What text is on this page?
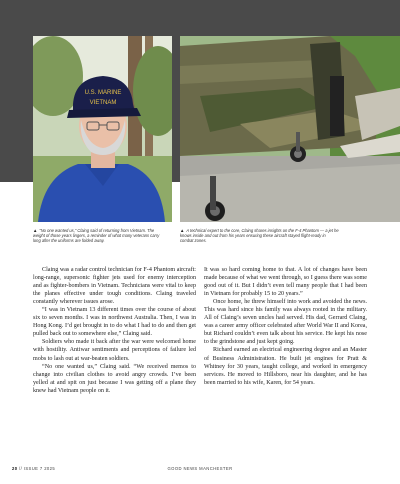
U.S. MARINE
VIETNAM
▲ “No one wanted us,” Claing said of returning from Vietnam. The weight of those years lingers, a reminder of what many veterans carry long after the uniforms are folded away.
▲ A technical expert to the core, Claing shares insights on the F-4 Phantom — a jet he knows inside and out from his years ensuring these aircraft stayed flight-ready in combat zones.

Claing was a radar control technician for F-4 Phantom aircraft: long-range, supersonic fighter jets used for enemy interception and as fighter-bombers in Vietnam. Technicians were vital to keep the planes effective under tough conditions. Claing traveled constantly wherever issues arose.

“I was in Vietnam 13 different times over the course of about six to seven months. I was in northwest Australia. Then, I was in Hong Kong. I’d get brought in to do what I had to do and then get pulled back out to somewhere else,” Claing said.

Soldiers who made it back after the war were welcomed home with hostility. Antiwar sentiments and perceptions of failure led mobs to lash out at war-beaten soldiers.

“No one wanted us,” Claing said. “We received memos to change into civilian clothes to avoid angry crowds. I’ve been yelled at and spit on just because I was getting off a plane they knew had Vietnam people on it.

It was so hard coming home to that. A lot of changes have been made because of what we went through, so I guess there was some good out of it. But I didn’t even tell many people that I had been in Vietnam for probably 15 to 20 years.”

Once home, he threw himself into work and avoided the news. This was hard since his family was always rooted in the military. All of Claing’s seven uncles had served. His dad, Gerrard Claing, was a career army officer celebrated after World War II and Korea, but Richard couldn’t even talk about his service. He kept his nose to the grindstone and just kept going.

Richard earned an electrical engineering degree and an Master of Business Administration. He built jet engines for Pratt & Whitney for 30 years, taught college, and worked in emergency services. He moved to Hillsboro, near his daughter, and he has been married to his wife, Karen, for 54 years.

20 // ISSUE 7 2025	GOOD NEWS MANCHESTER
